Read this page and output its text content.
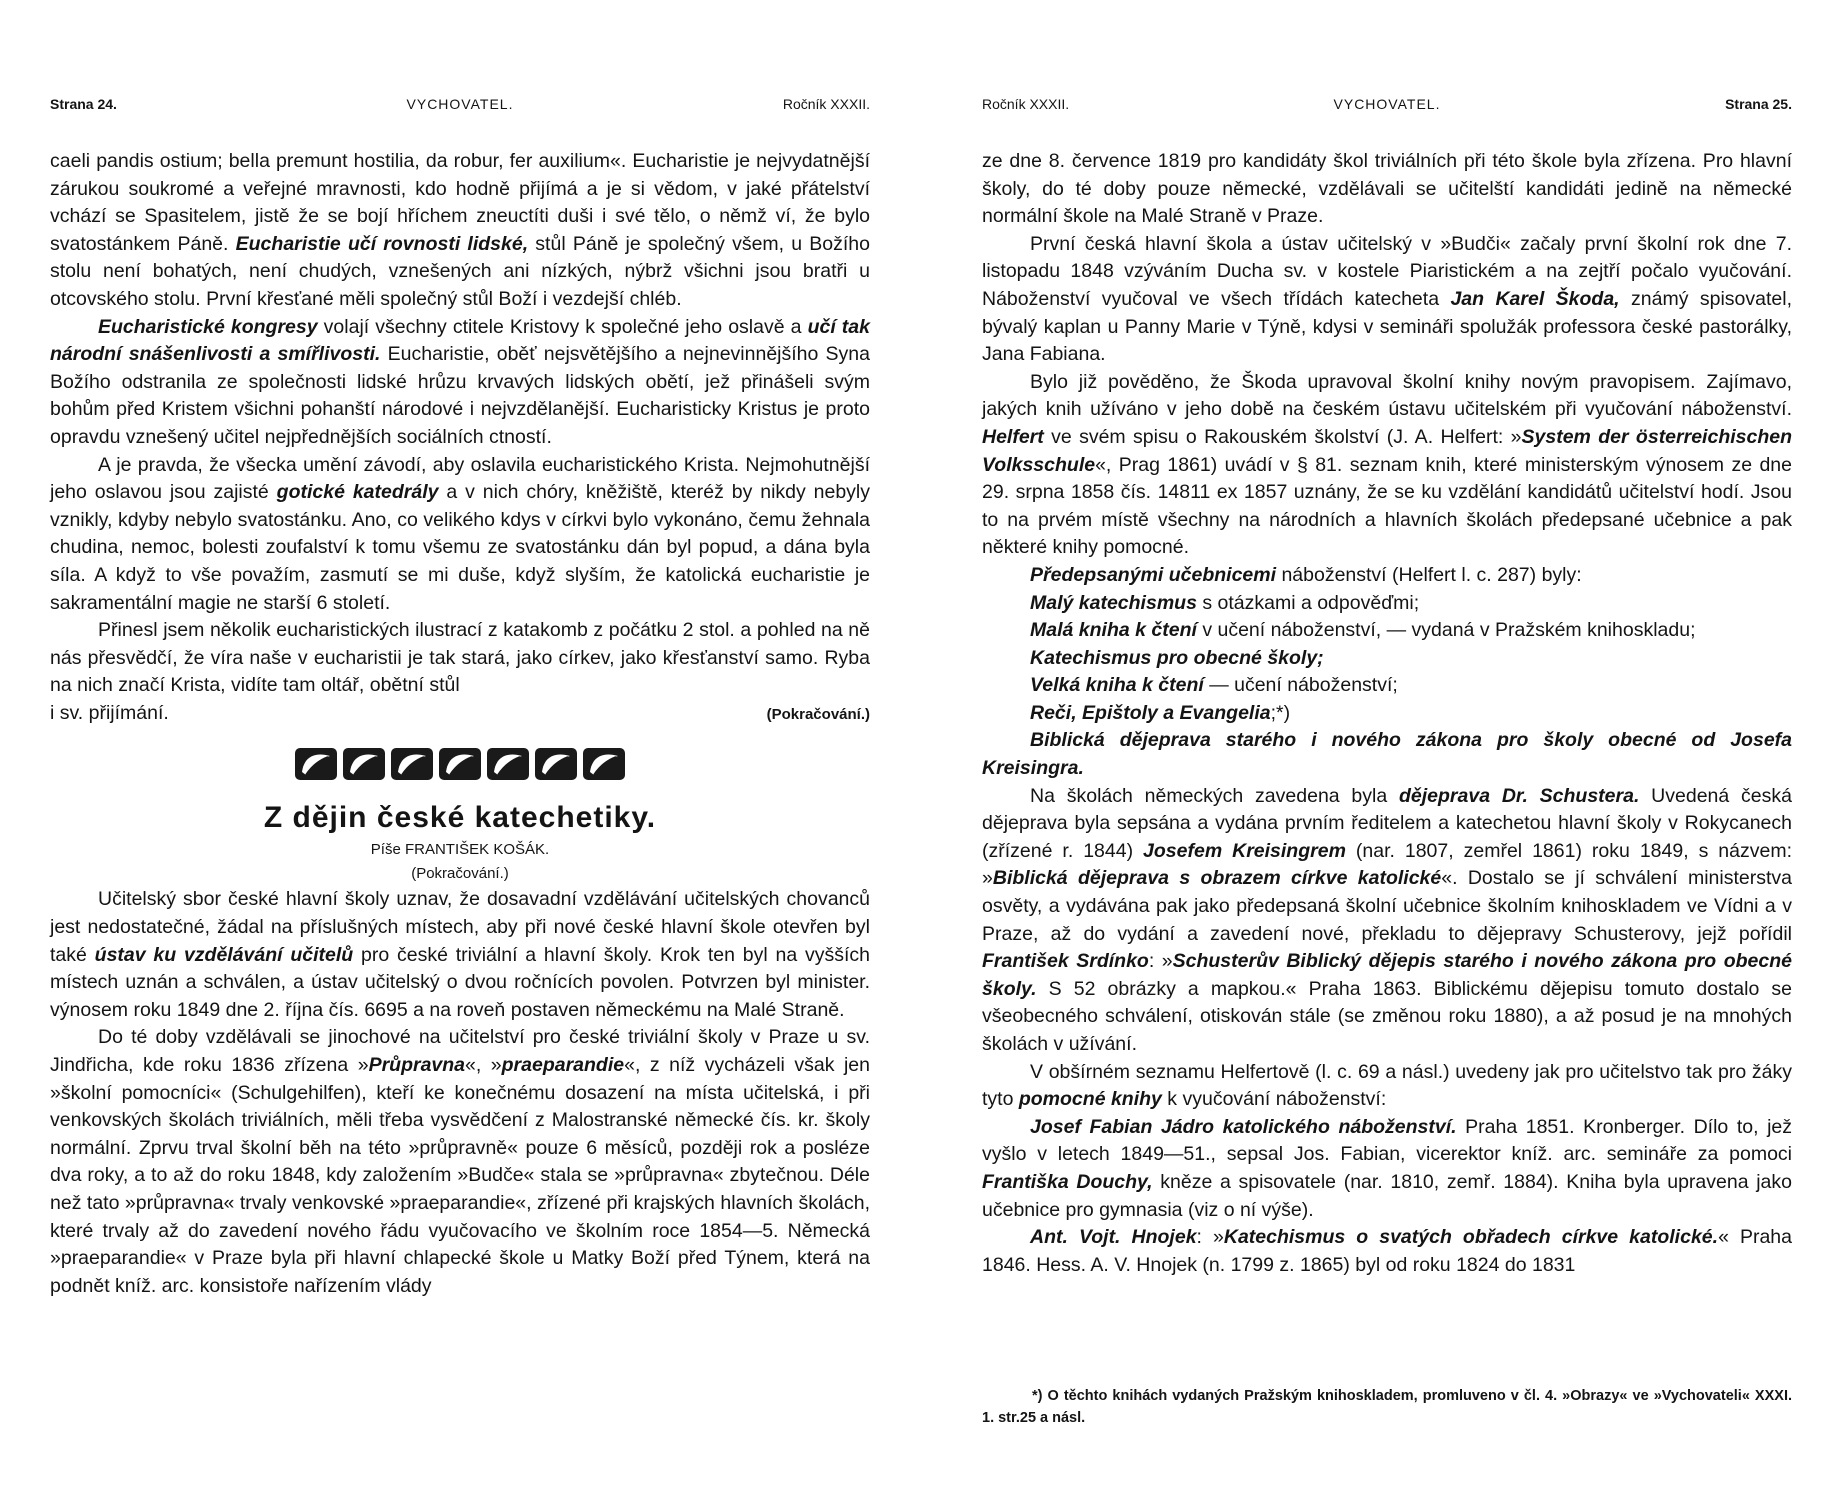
Strana 24.	VYCHOVATEL.	Ročník XXXII.

caeli pandis ostium; bella premunt hostilia, da robur, fer auxilium«. Eucharistie je nejvydatnější zárukou soukromé a veřejné mravnosti, kdo hodně přijímá a je si vědom, v jaké přátelství vchází se Spasitelem, jistě že se bojí hříchem zneuctíti duši i své tělo, o němž ví, že bylo svatostánkem Páně. Eucharistie učí rovnosti lidské, stůl Páně je společný všem, u Božího stolu není bohatých, není chudých, vznešených ani nízkých, nýbrž všichni jsou bratři u otcovského stolu. První křesťané měli společný stůl Boží i vezdejší chléb.

Eucharistické kongresy volají všechny ctitele Kristovy k společné jeho oslavě a učí tak národní snášenlivosti a smířlivosti. Eucharistie, oběť nejsvětějšího a nejnevinnějšího Syna Božího odstranila ze společnosti lidské hrůzu krvavých lidských obětí, jež přinášeli svým bohům před Kristem všichni pohanští národové i nejvzdělanější. Eucharisticky Kristus je proto opravdu vznešený učitel nejpřednějších sociálních ctností.

A je pravda, že všecka umění závodí, aby oslavila eucharistického Krista. Nejmohutnější jeho oslavou jsou zajisté gotické katedrály a v nich chóry, kněžiště, kteréž by nikdy nebyly vznikly, kdyby nebylo svatostánku. Ano, co velikého kdys v církvi bylo vykonáno, čemu žehnala chudina, nemoc, bolesti zoufalství k tomu všemu ze svatostánku dán byl popud, a dána byla síla. A když to vše považím, zasmutí se mi duše, když slyším, že katolická eucharistie je sakramentální magie ne starší 6 století.

Přinesl jsem několik eucharistických ilustrací z katakomb z počátku 2 stol. a pohled na ně nás přesvědčí, že víra naše v eucharistii je tak stará, jako církev, jako křesťanství samo. Ryba na nich značí Krista, vidíte tam oltář, obětní stůl

i sv. přijímání.	(Pokračování.)
Z dějin české katechetiky.

Píše FRANTIŠEK KOŠÁK.

(Pokračování.)

Učitelský sbor české hlavní školy uznav, že dosavadní vzdělávání učitelských chovanců jest nedostatečné, žádal na příslušných místech, aby při nové české hlavní škole otevřen byl také ústav ku vzdělávání učitelů pro české triviální a hlavní školy. Krok ten byl na vyšších místech uznán a schválen, a ústav učitelský o dvou ročnících povolen. Potvrzen byl minister. výnosem roku 1849 dne 2. října čís. 6695 a na roveň postaven německému na Malé Straně.

Do té doby vzdělávali se jinochové na učitelství pro české triviální školy v Praze u sv. Jindřicha, kde roku 1836 zřízena »Průpravna«, »praeparandie«, z níž vycházeli však jen »školní pomocníci« (Schulgehilfen), kteří ke konečnému dosazení na místa učitelská, i při venkovských školách triviálních, měli třeba vysvědčení z Malostranské německé čís. kr. školy normální. Zprvu trval školní běh na této »průpravně« pouze 6 měsíců, později rok a posléze dva roky, a to až do roku 1848, kdy založením »Budče« stala se »průpravna« zbytečnou. Déle než tato »průpravna« trvaly venkovské »praeparandie«, zřízené při krajských hlavních školách, které trvaly až do zavedení nového řádu vyučovacího ve školním roce 1854—5. Německá »praeparandie« v Praze byla při hlavní chlapecké škole u Matky Boží před Týnem, která na podnět kníž. arc. konsistoře nařízením vlády

Ročník XXXII.	VYCHOVATEL.	Strana 25.

ze dne 8. července 1819 pro kandidáty škol triviálních při této škole byla zřízena. Pro hlavní školy, do té doby pouze německé, vzdělávali se učitelští kandidáti jedině na německé normální škole na Malé Straně v Praze.

První česká hlavní škola a ústav učitelský v »Budči« začaly první školní rok dne 7. listopadu 1848 vzýváním Ducha sv. v kostele Piaristickém a na zejtří počalo vyučování. Náboženství vyučoval ve všech třídách katecheta Jan Karel Škoda, známý spisovatel, bývalý kaplan u Panny Marie v Týně, kdysi v semináři spolužák professora české pastorálky, Jana Fabiana.

Bylo již pověděno, že Škoda upravoval školní knihy novým pravopisem. Zajímavo, jakých knih užíváno v jeho době na českém ústavu učitelském při vyučování náboženství. Helfert ve svém spisu o Rakouském školství (J. A. Helfert: »System der österreichischen Volksschule«, Prag 1861) uvádí v § 81. seznam knih, které ministerským výnosem ze dne 29. srpna 1858 čís. 14811 ex 1857 uznány, že se ku vzdělání kandidátů učitelství hodí. Jsou to na prvém místě všechny na národních a hlavních školách předepsané učebnice a pak některé knihy pomocné.

Předepsanými učebnicemi náboženství (Helfert l. c. 287) byly:

Malý katechismus s otázkami a odpověďmi;

Malá kniha k čtení v učení náboženství, — vydaná v Pražském knihoskladu;

Katechismus pro obecné školy;

Velká kniha k čtení — učení náboženství;

Reči, Epištoly a Evangelia;*)

Biblická dějeprava starého i nového zákona pro školy obecné od Josefa Kreisingra.

Na školách německých zavedena byla dějeprava Dr. Schustera. Uvedená česká dějeprava byla sepsána a vydána prvním ředitelem a katechetou hlavní školy v Rokycanech (zřízené r. 1844) Josefem Kreisingrem (nar. 1807, zemřel 1861) roku 1849, s názvem: »Biblická dějeprava s obrazem církve katolické«. Dostalo se jí schválení ministerstva osvěty, a vydávána pak jako předepsaná školní učebnice školním knihoskladem ve Vídni a v Praze, až do vydání a zavedení nové, překladu to dějepravy Schusterovy, jejž pořídil František Srdínko: »Schusterův Biblický dějepis starého i nového zákona pro obecné školy. S 52 obrázky a mapkou.« Praha 1863. Biblickému dějepisu tomuto dostalo se všeobecného schválení, otiskován stále (se změnou roku 1880), a až posud je na mnohých školách v užívání.

V obšírném seznamu Helfertově (l. c. 69 a násl.) uvedeny jak pro učitelstvo tak pro žáky tyto pomocné knihy k vyučování náboženství:

Josef Fabian Jádro katolického náboženství. Praha 1851. Kronberger. Dílo to, jež vyšlo v letech 1849—51., sepsal Jos. Fabian, vicerektor kníž. arc. semináře za pomoci Františka Douchy, kněze a spisovatele (nar. 1810, zemř. 1884). Kniha byla upravena jako učebnice pro gymnasia (viz o ní výše).

Ant. Vojt. Hnojek: »Katechismus o svatých obřadech církve katolické.« Praha 1846. Hess. A. V. Hnojek (n. 1799 z. 1865) byl od roku 1824 do 1831

*) O těchto knihách vydaných Pražským knihoskladem, promluveno v čl. 4. »Obrazy« ve »Vychovateli« XXXI. 1. str.25 a násl.
